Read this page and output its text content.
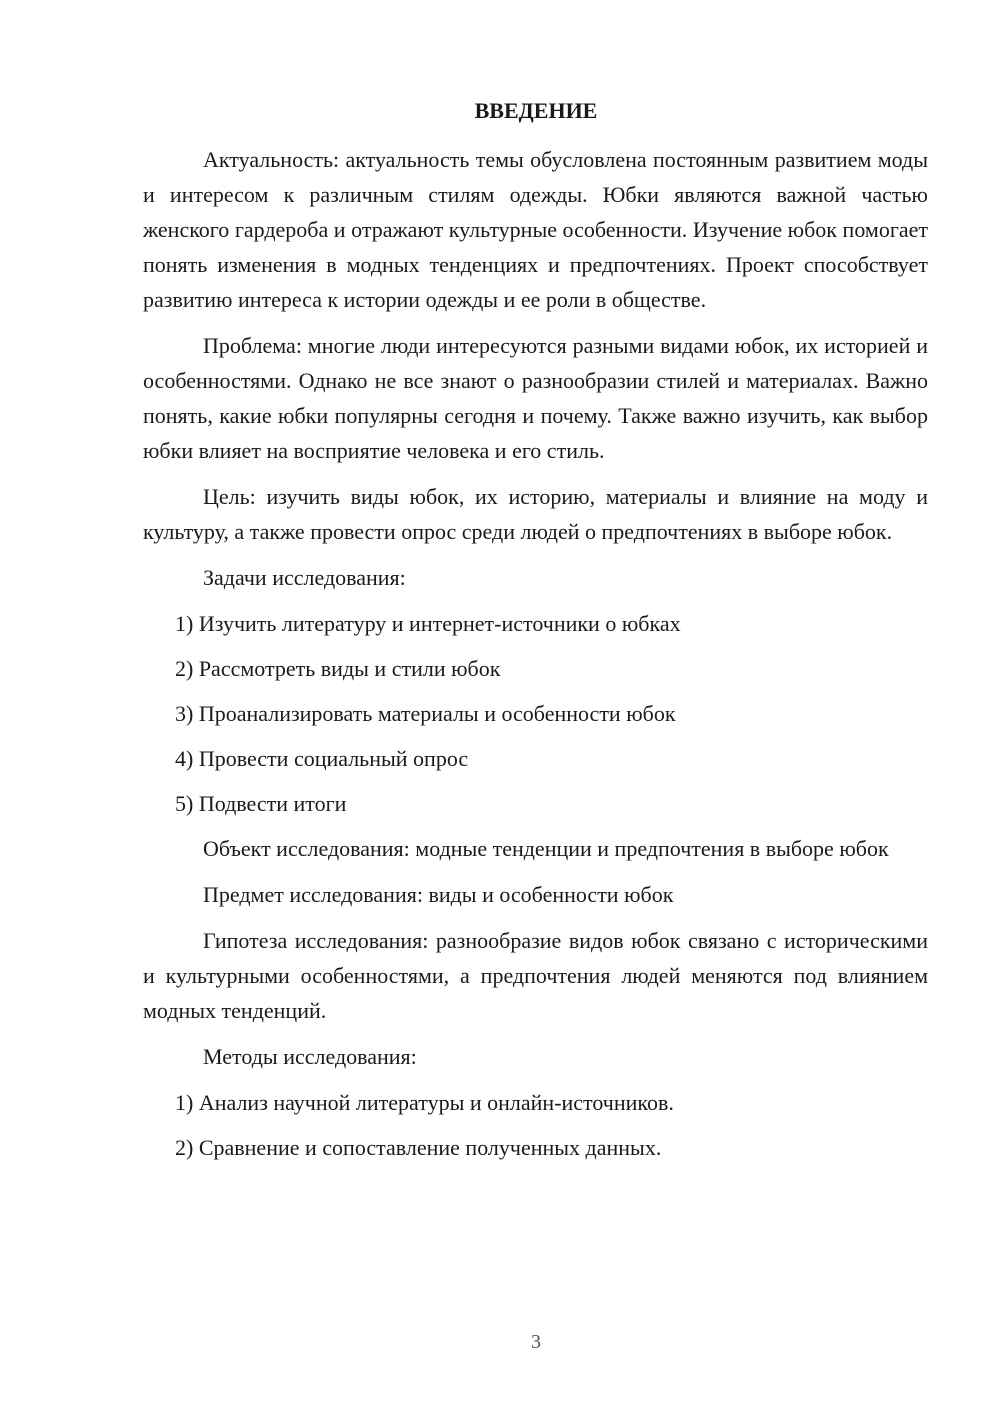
ВВЕДЕНИЕ

Актуальность: актуальность темы обусловлена постоянным развитием моды и интересом к различным стилям одежды. Юбки являются важной частью женского гардероба и отражают культурные особенности. Изучение юбок помогает понять изменения в модных тенденциях и предпочтениях. Проект способствует развитию интереса к истории одежды и ее роли в обществе.

Проблема: многие люди интересуются разными видами юбок, их историей и особенностями. Однако не все знают о разнообразии стилей и материалах. Важно понять, какие юбки популярны сегодня и почему. Также важно изучить, как выбор юбки влияет на восприятие человека и его стиль.

Цель: изучить виды юбок, их историю, материалы и влияние на моду и культуру, а также провести опрос среди людей о предпочтениях в выборе юбок.

Задачи исследования:

1) Изучить литературу и интернет-источники о юбках
2) Рассмотреть виды и стили юбок
3) Проанализировать материалы и особенности юбок
4) Провести социальный опрос
5) Подвести итоги

Объект исследования: модные тенденции и предпочтения в выборе юбок

Предмет исследования: виды и особенности юбок

Гипотеза исследования: разнообразие видов юбок связано с историческими и культурными особенностями, а предпочтения людей меняются под влиянием модных тенденций.

Методы исследования:

1) Анализ научной литературы и онлайн-источников.
2) Сравнение и сопоставление полученных данных.
3
